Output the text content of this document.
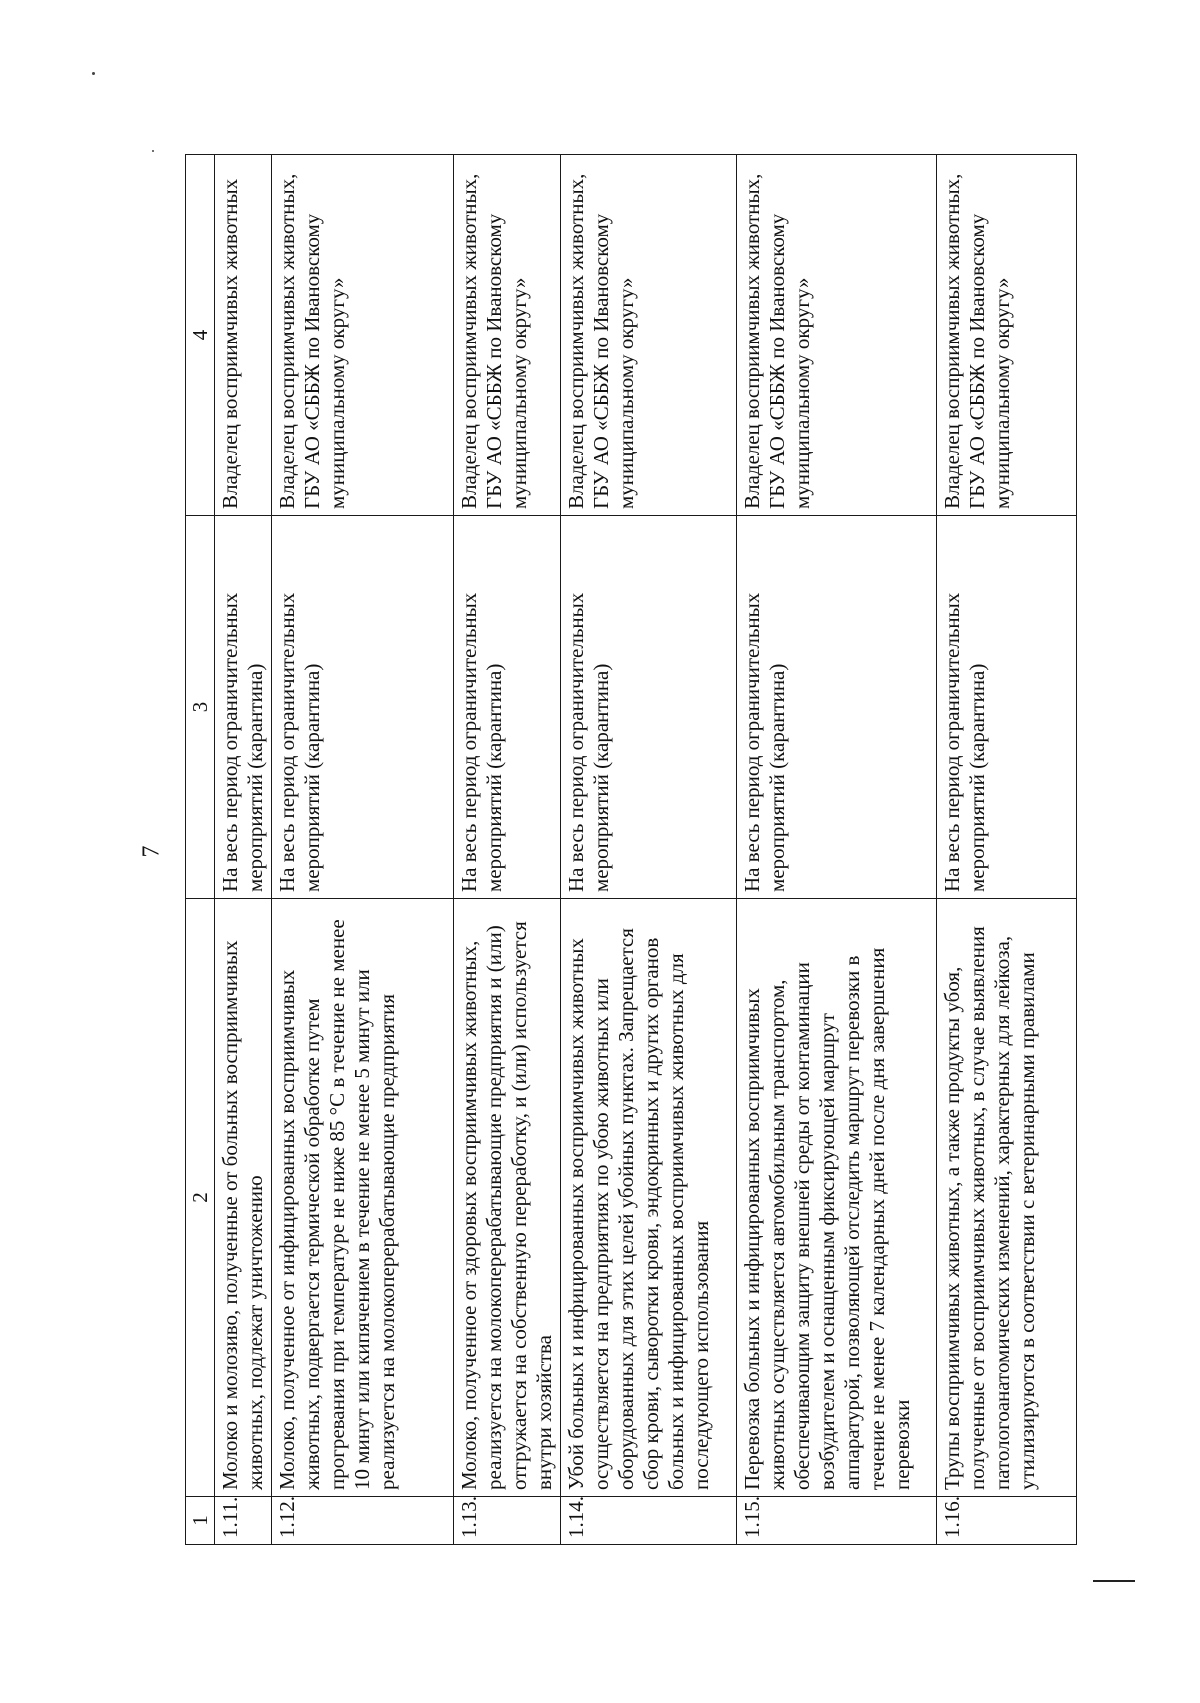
7
1	2	3	4
1.11.	Молоко и молозиво, полученные от больных восприимчивых животных, подлежат уничтожению	На весь период ограничительных мероприятий (карантина)	Владелец восприимчивых животных
1.12.	Молоко, полученное от инфицированных восприимчивых животных, подвергается термической обработке путем прогревания при температуре не ниже 85 °С в течение не менее 10 минут или кипячением в течение не менее 5 минут или реализуется на молокоперерабатывающие предприятия	На весь период ограничительных мероприятий (карантина)	Владелец восприимчивых животных, ГБУ АО «СББЖ по Ивановскому муниципальному округу»
1.13.	Молоко, полученное от здоровых восприимчивых животных, реализуется на молокоперерабатывающие предприятия и (или) отгружается на собственную переработку, и (или) используется внутри хозяйства	На весь период ограничительных мероприятий (карантина)	Владелец восприимчивых животных, ГБУ АО «СББЖ по Ивановскому муниципальному округу»
1.14.	Убой больных и инфицированных восприимчивых животных осуществляется на предприятиях по убою животных или оборудованных для этих целей убойных пунктах. Запрещается сбор крови, сыворотки крови, эндокринных и других органов больных и инфицированных восприимчивых животных для последующего использования	На весь период ограничительных мероприятий (карантина)	Владелец восприимчивых животных, ГБУ АО «СББЖ по Ивановскому муниципальному округу»
1.15.	Перевозка больных и инфицированных восприимчивых животных осуществляется автомобильным транспортом, обеспечивающим защиту внешней среды от контаминации возбудителем и оснащенным фиксирующей маршрут аппаратурой, позволяющей отследить маршрут перевозки в течение не менее 7 календарных дней после дня завершения перевозки	На весь период ограничительных мероприятий (карантина)	Владелец восприимчивых животных, ГБУ АО «СББЖ по Ивановскому муниципальному округу»
1.16.	Трупы восприимчивых животных, а также продукты убоя, полученные от восприимчивых животных, в случае выявления патологоанатомических изменений, характерных для лейкоза, утилизируются в соответствии с ветеринарными правилами	На весь период ограничительных мероприятий (карантина)	Владелец восприимчивых животных, ГБУ АО «СББЖ по Ивановскому муниципальному округу»
